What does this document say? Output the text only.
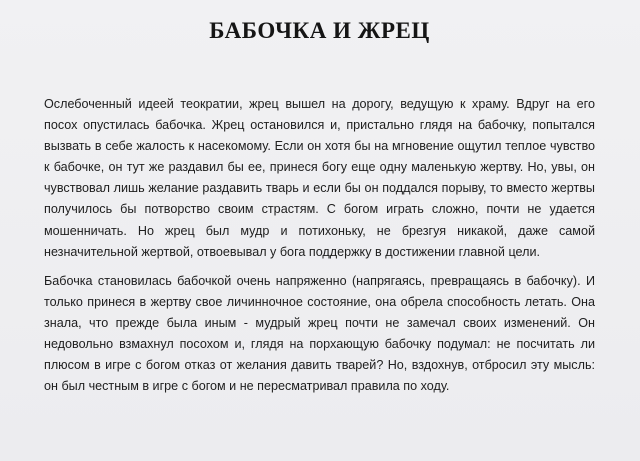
БАБОЧКА И ЖРЕЦ

Ослебоченный идеей теократии, жрец вышел на дорогу, ведущую к храму. Вдруг на его посох опустилась бабочка. Жрец остановился и, пристально глядя на бабочку, попытался вызвать в себе жалость к насекомому. Если он хотя бы на мгновение ощутил теплое чувство к бабочке, он тут же раздавил бы ее, принеся богу еще одну маленькую жертву. Но, увы, он чувствовал лишь желание раздавить тварь и если бы он поддался порыву, то вместо жертвы получилось бы потворство своим страстям. С богом играть сложно, почти не удается мошенничать. Но жрец был мудр и потихоньку, не брезгуя никакой, даже самой незначительной жертвой, отвоевывал у бога поддержку в достижении главной цели.

Бабочка становилась бабочкой очень напряженно (напрягаясь, превращаясь в бабочку). И только принеся в жертву свое личинночное состояние, она обрела способность летать. Она знала, что прежде была иным - мудрый жрец почти не замечал своих изменений. Он недовольно взмахнул посохом и, глядя на порхающую бабочку подумал: не посчитать ли плюсом в игре с богом отказ от желания давить тварей? Но, вздохнув, отбросил эту мысль: он был честным в игре с богом и не пересматривал правила по ходу.
